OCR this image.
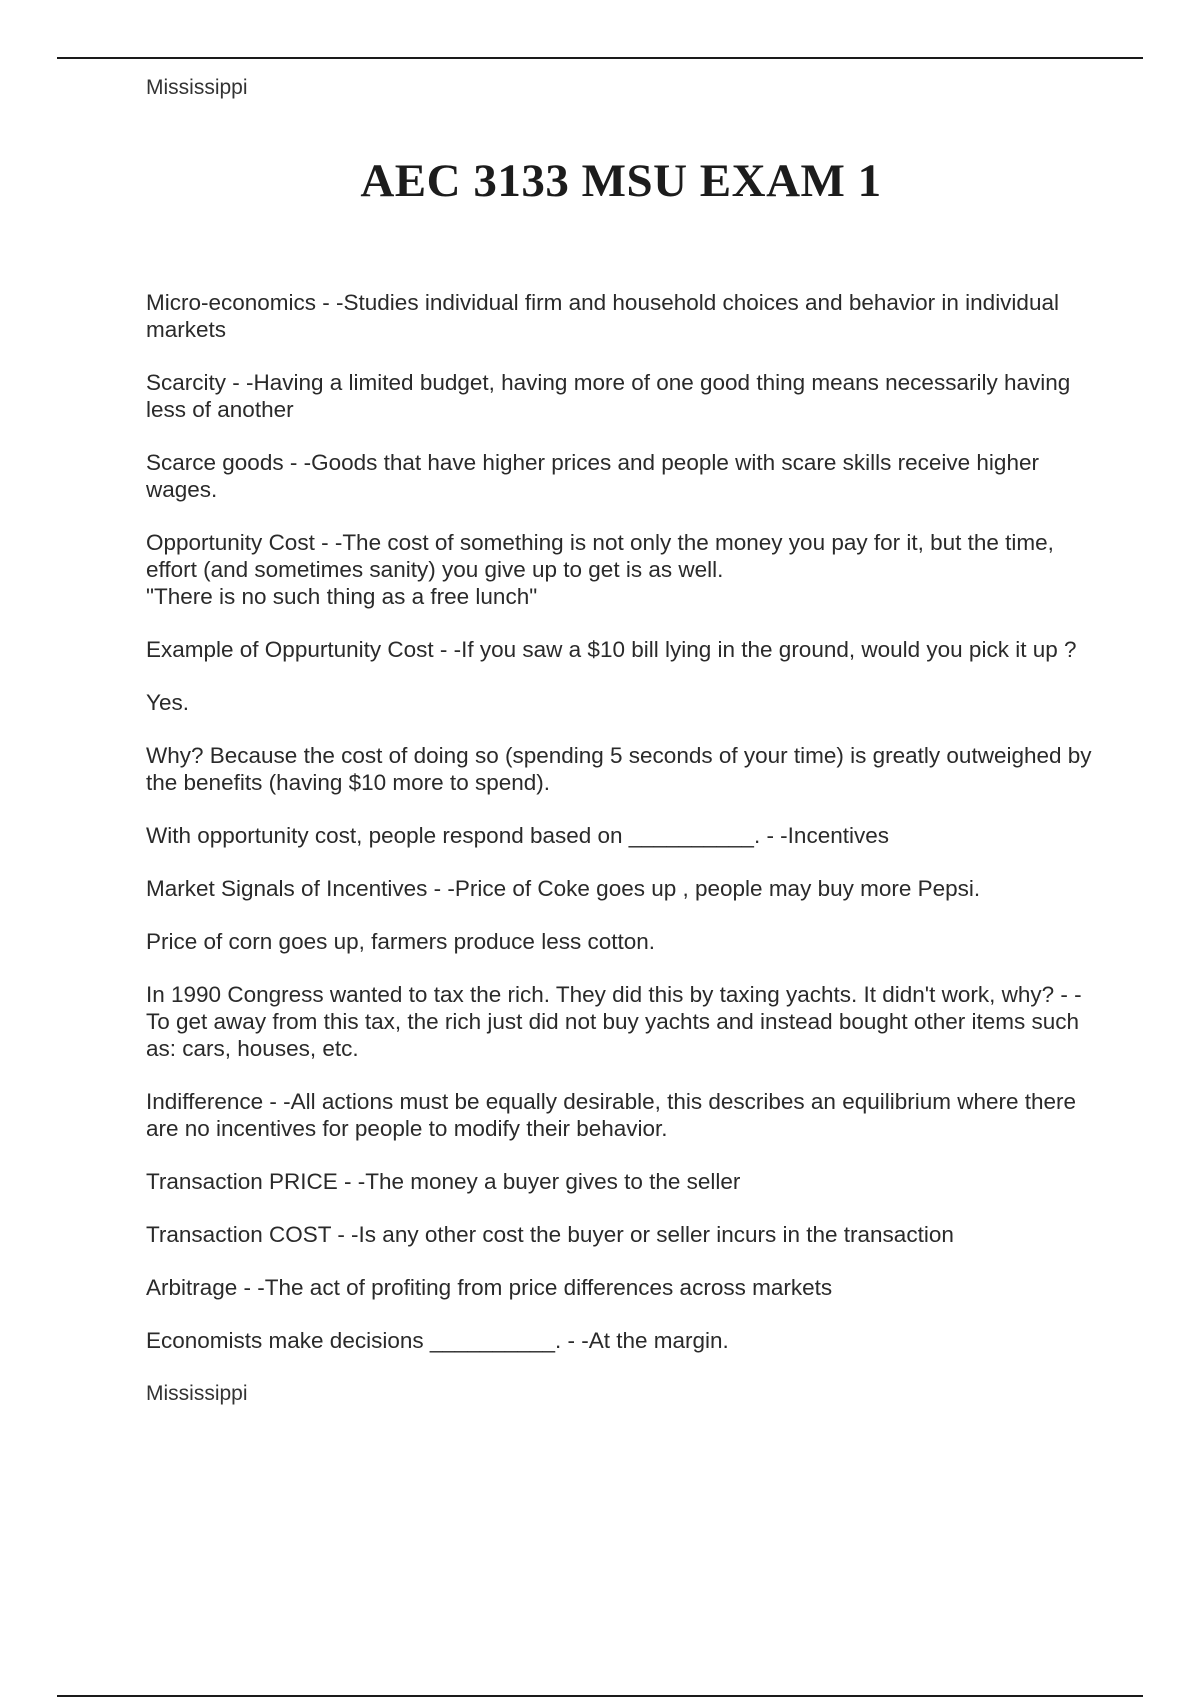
Mississippi

AEC 3133 MSU EXAM 1

Micro-economics - -Studies individual firm and household choices and behavior in individual markets

Scarcity - -Having a limited budget, having more of one good thing means necessarily having less of another

Scarce goods - -Goods that have higher prices and people with scare skills receive higher wages.

Opportunity Cost - -The cost of something is not only the money you pay for it, but the time, effort (and sometimes sanity) you give up to get is as well.
"There is no such thing as a free lunch"

Example of Oppurtunity Cost - -If you saw a $10 bill lying in the ground, would you pick it up ?

Yes.

Why? Because the cost of doing so (spending 5 seconds of your time) is greatly outweighed by the benefits (having $10 more to spend).

With opportunity cost, people respond based on __________. - -Incentives

Market Signals of Incentives - -Price of Coke goes up , people may buy more Pepsi.

Price of corn goes up, farmers produce less cotton.

In 1990 Congress wanted to tax the rich. They did this by taxing yachts. It didn't work, why? - -To get away from this tax, the rich just did not buy yachts and instead bought other items such as: cars, houses, etc.

Indifference - -All actions must be equally desirable, this describes an equilibrium where there are no incentives for people to modify their behavior.

Transaction PRICE - -The money a buyer gives to the seller

Transaction COST - -Is any other cost the buyer or seller incurs in the transaction

Arbitrage - -The act of profiting from price differences across markets

Economists make decisions __________. - -At the margin.

Mississippi
